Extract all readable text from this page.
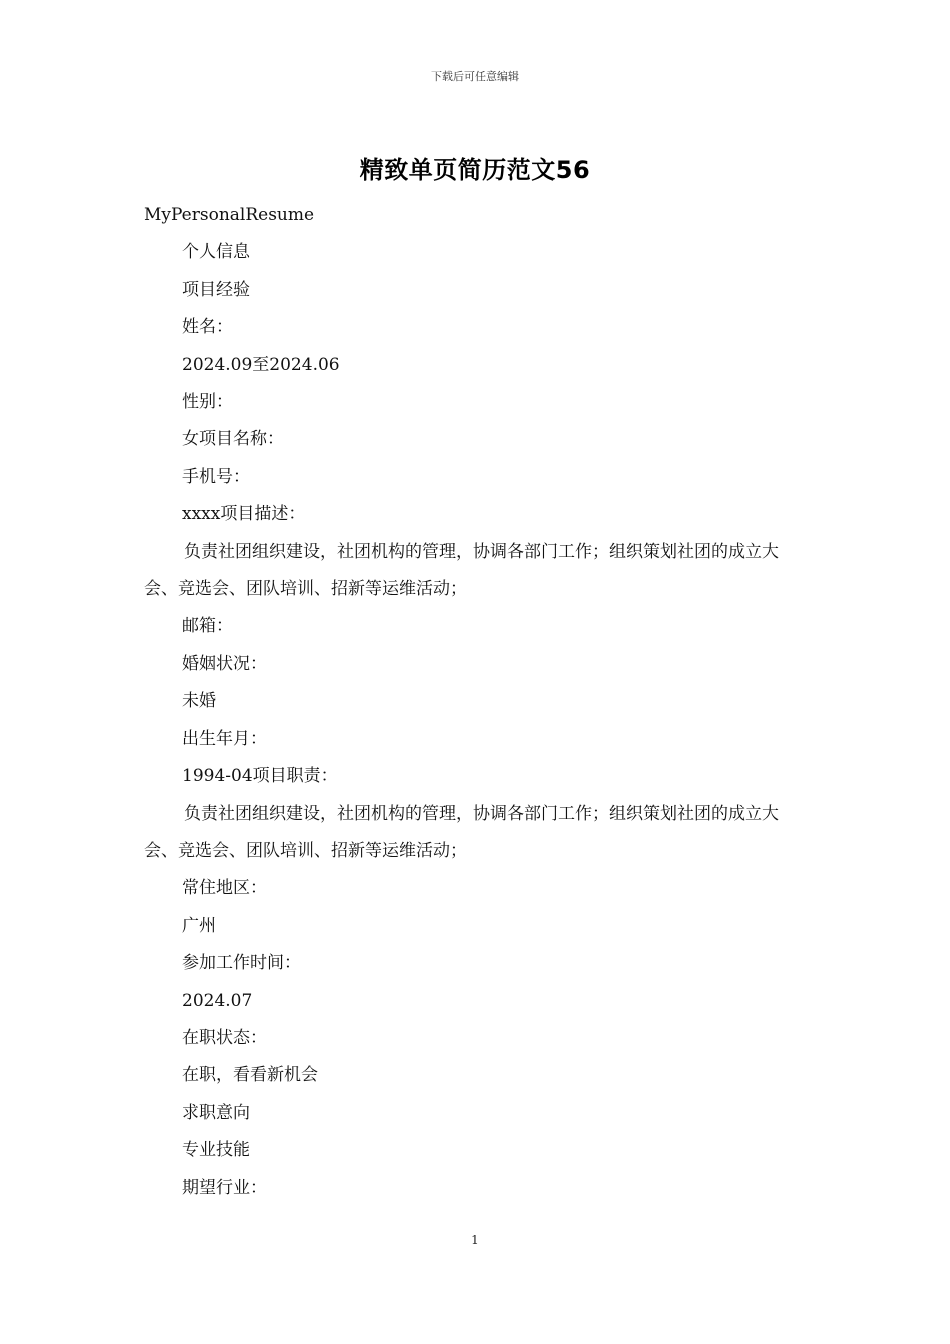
下载后可任意编辑
精致单页简历范文56
MyPersonalResume
个人信息
项目经验
姓名：
2024.09至2024.06
性别：
女项目名称：
手机号：
xxxx项目描述：
负责社团组织建设，社团机构的管理，协调各部门工作；组织策划社团的成立大会、竞选会、团队培训、招新等运维活动；
邮箱：
婚姻状况：
未婚
出生年月：
1994-04项目职责：
负责社团组织建设，社团机构的管理，协调各部门工作；组织策划社团的成立大会、竞选会、团队培训、招新等运维活动；
常住地区：
广州
参加工作时间：
2024.07
在职状态：
在职，看看新机会
求职意向
专业技能
期望行业：
1
